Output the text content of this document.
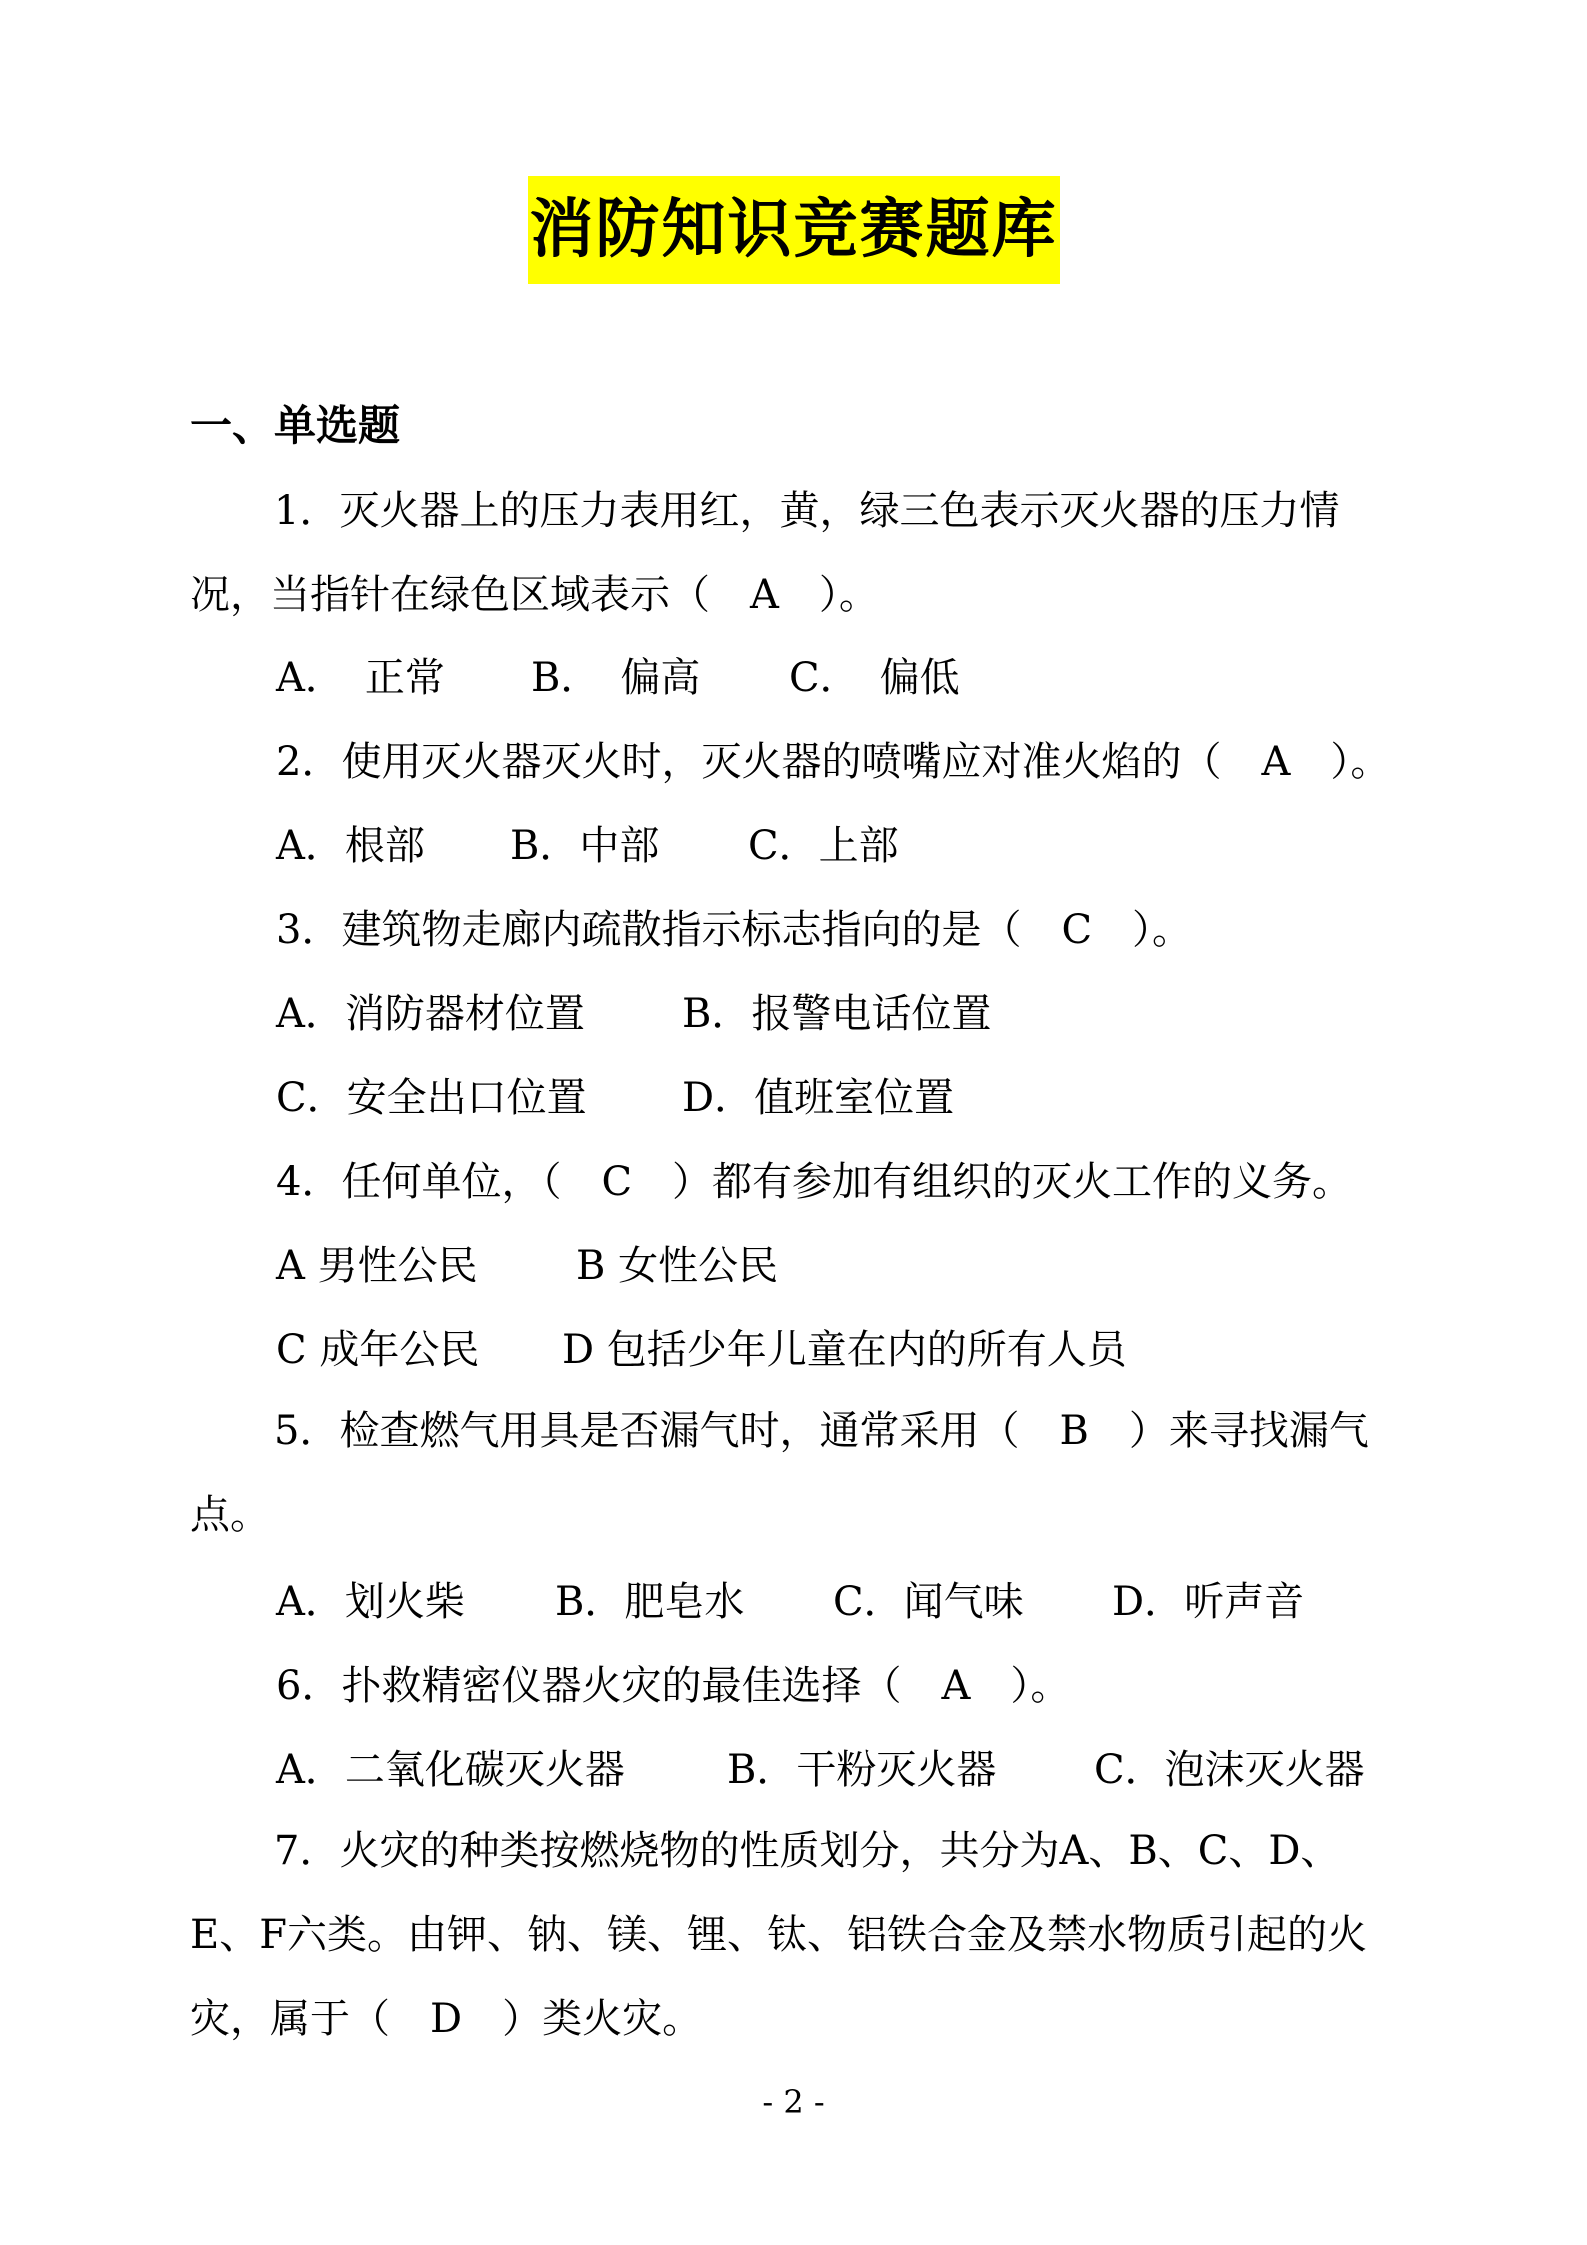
消防知识竞赛题库
一、单选题
1．灭火器上的压力表用红，黄，绿三色表示灭火器的压力情况，当指针在绿色区域表示（　A　）。
A．　正常 B．　偏高 C．　偏低
2．使用灭火器灭火时，灭火器的喷嘴应对准火焰的（　A　）。
A．根部 B．中部 C．上部
3．建筑物走廊内疏散指示标志指向的是（　C　）。
A．消防器材位置 B．报警电话位置
C．安全出口位置 D．值班室位置
4．任何单位，（　C　）都有参加有组织的灭火工作的义务。
A 男性公民 B 女性公民
C 成年公民 D 包括少年儿童在内的所有人员
5．检查燃气用具是否漏气时，通常采用（　B　）来寻找漏气点。
A．划火柴 B．肥皂水 C．闻气味 D．听声音
6．扑救精密仪器火灾的最佳选择（　A　）。
A．二氧化碳灭火器	B．干粉灭火器 C．泡沫灭火器
7．火灾的种类按燃烧物的性质划分，共分为A、B、C、D、E、F六类。由钾、钠、镁、锂、钛、铝铁合金及禁水物质引起的火灾，属于（　D　）类火灾。
- 2 -
